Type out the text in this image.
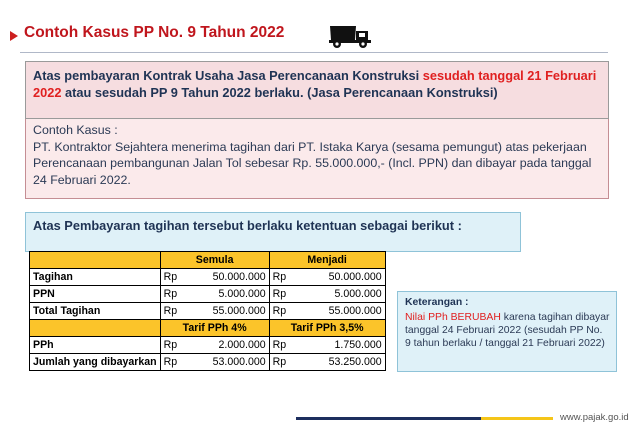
Contoh Kasus PP No. 9 Tahun 2022
Atas pembayaran Kontrak Usaha Jasa Perencanaan Konstruksi sesudah tanggal 21 Februari 2022 atau sesudah PP 9 Tahun 2022 berlaku. (Jasa Perencanaan Konstruksi)
Contoh Kasus :
PT. Kontraktor Sejahtera menerima tagihan dari PT. Istaka Karya (sesama pemungut) atas pekerjaan Perencanaan pembangunan Jalan Tol sebesar Rp. 55.000.000,- (Incl. PPN) dan dibayar pada tanggal 24 Februari 2022.
Atas Pembayaran tagihan tersebut berlaku ketentuan sebagai berikut :
	Semula		Menjadi	
Tagihan	Rp	50.000.000	Rp	50.000.000
PPN	Rp	5.000.000	Rp	5.000.000
Total Tagihan	Rp	55.000.000	Rp	55.000.000
	Tarif PPh 4%		Tarif PPh 3,5%	
PPh	Rp	2.000.000	Rp	1.750.000
Jumlah yang dibayarkan	Rp	53.000.000	Rp	53.250.000
Keterangan :
Nilai PPh BERUBAH karena tagihan dibayar tanggal 24 Februari 2022 (sesudah PP No. 9 tahun berlaku / tanggal 21 Februari 2022)
www.pajak.go.id
